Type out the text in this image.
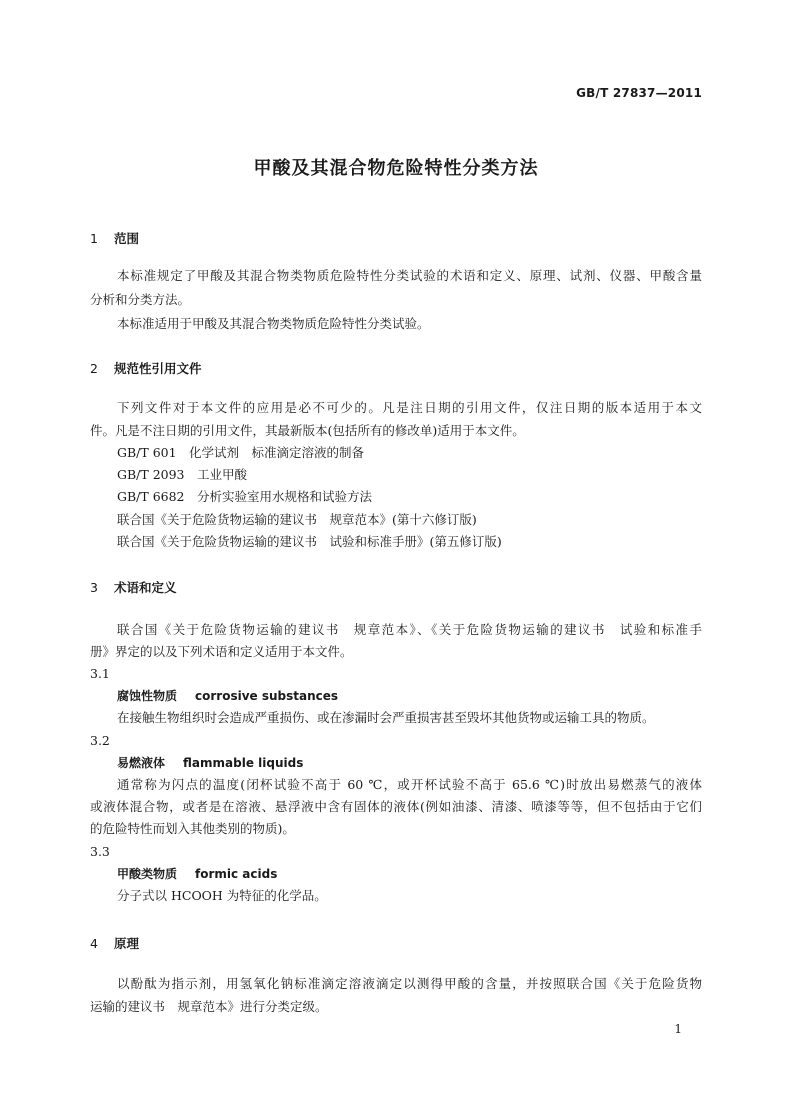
GB/T 27837—2011
甲酸及其混合物危险特性分类方法
1 范围
本标准规定了甲酸及其混合物类物质危险特性分类试验的术语和定义、原理、试剂、仪器、甲酸含量
分析和分类方法。
本标准适用于甲酸及其混合物类物质危险特性分类试验。
2 规范性引用文件
下列文件对于本文件的应用是必不可少的。凡是注日期的引用文件，仅注日期的版本适用于本文
件。凡是不注日期的引用文件，其最新版本(包括所有的修改单)适用于本文件。
GB/T 601　化学试剂　标准滴定溶液的制备
GB/T 2093　工业甲酸
GB/T 6682　分析实验室用水规格和试验方法
联合国《关于危险货物运输的建议书　规章范本》(第十六修订版)
联合国《关于危险货物运输的建议书　试验和标准手册》(第五修订版)
3 术语和定义
联合国《关于危险货物运输的建议书　规章范本》、《关于危险货物运输的建议书　试验和标准手
册》界定的以及下列术语和定义适用于本文件。
3.1
腐蚀性物质 corrosive substances
在接触生物组织时会造成严重损伤、或在渗漏时会严重损害甚至毁坏其他货物或运输工具的物质。
3.2
易燃液体 flammable liquids
通常称为闪点的温度(闭杯试验不高于 60 ℃，或开杯试验不高于 65.6 ℃)时放出易燃蒸气的液体
或液体混合物，或者是在溶液、悬浮液中含有固体的液体(例如油漆、清漆、喷漆等等，但不包括由于它们
的危险特性而划入其他类别的物质)。
3.3
甲酸类物质 formic acids
分子式以 HCOOH 为特征的化学品。
4 原理
以酚酞为指示剂，用氢氧化钠标准滴定溶液滴定以测得甲酸的含量，并按照联合国《关于危险货物
运输的建议书　规章范本》进行分类定级。
1
